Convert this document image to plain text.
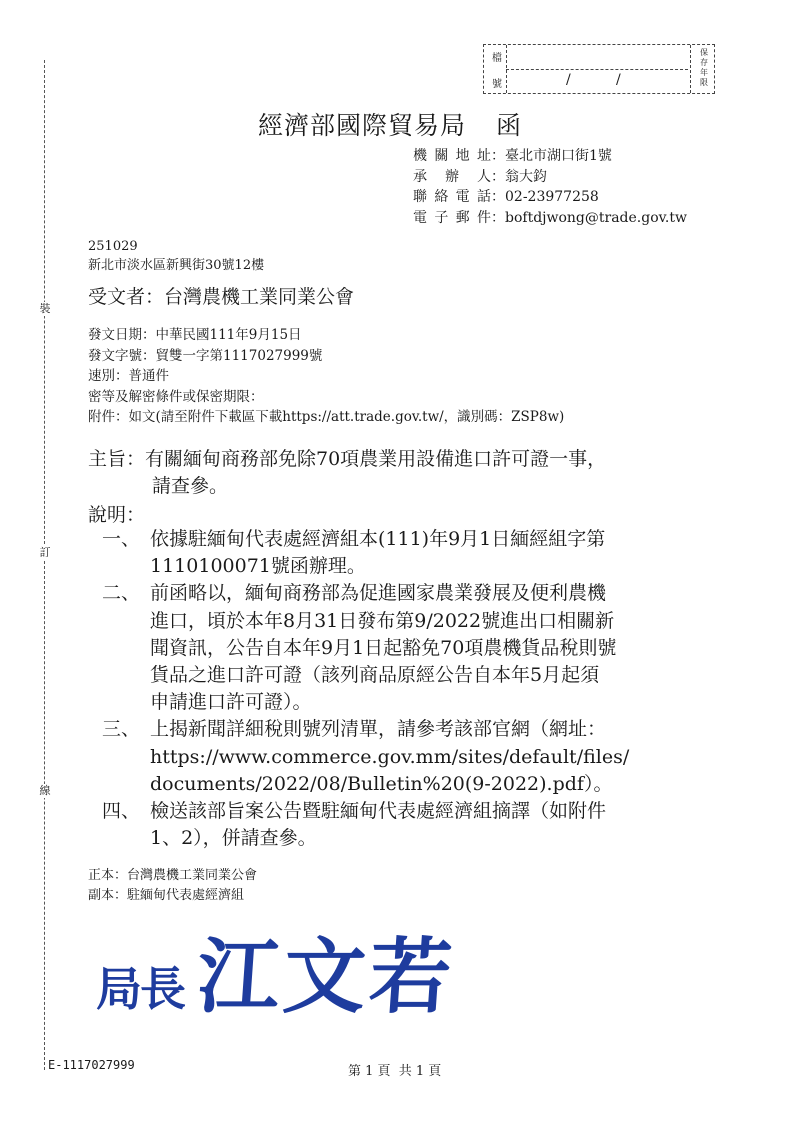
裝
訂
線
檔
號	/	/
保存年限
經濟部國際貿易局 函
機關地址：臺北市湖口街1號
承辦人：翁大鈞
聯絡電話：02-23977258
電子郵件：boftdjwong@trade.gov.tw
251029
新北市淡水區新興街30號12樓
受文者：台灣農機工業同業公會
發文日期：中華民國111年9月15日
發文字號：貿雙一字第1117027999號
速別：普通件
密等及解密條件或保密期限：
附件：如文(請至附件下載區下載https://att.trade.gov.tw/，識別碼：ZSP8w)
主旨：有關緬甸商務部免除70項農業用設備進口許可證一事，
請查參。
說明：
一、 依據駐緬甸代表處經濟組本(111)年9月1日緬經組字第
1110100071號函辦理。
二、 前函略以，緬甸商務部為促進國家農業發展及便利農機
進口，頃於本年8月31日發布第9/2022號進出口相關新
聞資訊，公告自本年9月1日起豁免70項農機貨品稅則號
貨品之進口許可證（該列商品原經公告自本年5月起須
申請進口許可證）。
三、 上揭新聞詳細稅則號列清單，請參考該部官網（網址：
https://www.commerce.gov.mm/sites/default/files/
documents/2022/08/Bulletin%20(9-2022).pdf）。
四、 檢送該部旨案公告暨駐緬甸代表處經濟組摘譯（如附件
1、2），併請查參。
正本：台灣農機工業同業公會
副本：駐緬甸代表處經濟組
局長 江文若
E-1117027999	第 1 頁 共 1 頁
